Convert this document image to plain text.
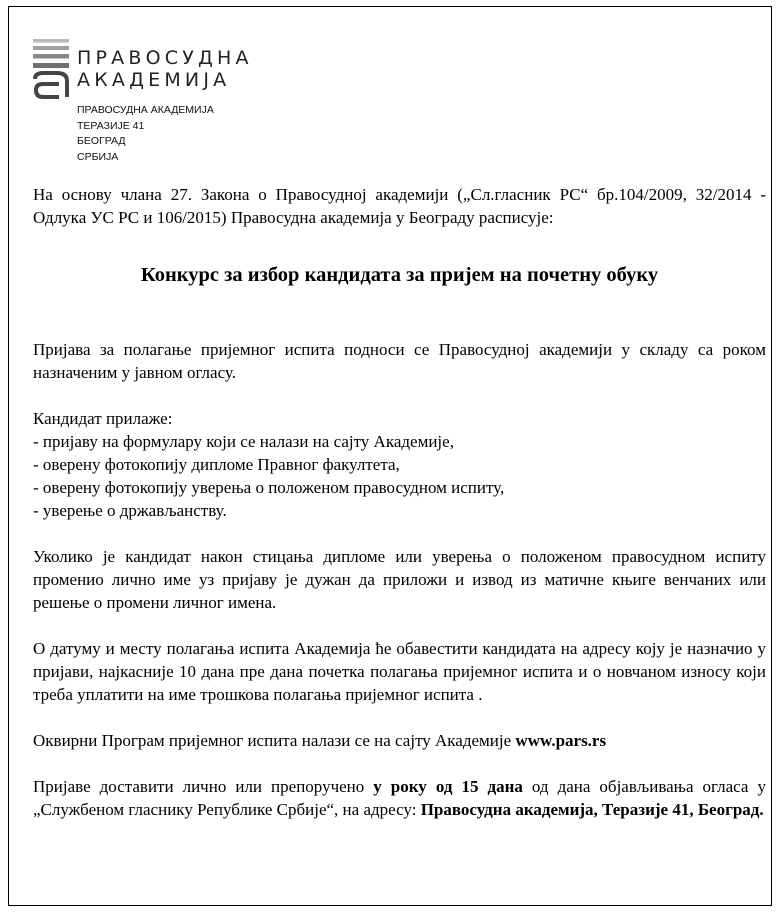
ПРАВОСУДНА
АКАДЕМИЈА
ПРАВОСУДНА АКАДЕМИЈА
ТЕРАЗИЈЕ 41
БЕОГРАД
СРБИЈА

На основу члана 27. Закона о Правосудној академији („Сл.гласник РС“ бр.104/2009, 32/2014 - Одлука УС РС и 106/2015) Правосудна академија у Београду расписује:

Конкурс за избор кандидата за пријем на почетну обуку

Пријава за полагање пријемног испита подноси се Правосудној академији у складу са роком назначеним у јавном огласу.

Кандидат прилаже:

- пријаву на формулару који се налази на сајту Академије,

- оверену фотокопију дипломе Правног факултета,

- оверену фотокопију уверења о положеном правосудном испиту,

- уверење о држављанству.

Уколико је кандидат након стицања дипломе или уверења о положеном правосудном испиту променио лично име уз пријаву је дужан да приложи и извод из матичне књиге венчаних или решење о промени личног имена.

О датуму и месту полагања испита Академија ће обавестити кандидата на адресу коју је назначио у пријави, најкасније 10 дана пре дана почетка полагања пријемног испита и о новчаном износу који треба уплатити на име трошкова полагања пријемног испита .

Оквирни Програм пријемног испита налази се на сајту Академије www.pars.rs

Пријаве доставити лично или препоручено у року од 15 дана од дана објављивања огласа у „Службеном гласнику Републике Србије“, на адресу: Правосудна академија, Теразије 41, Београд.
